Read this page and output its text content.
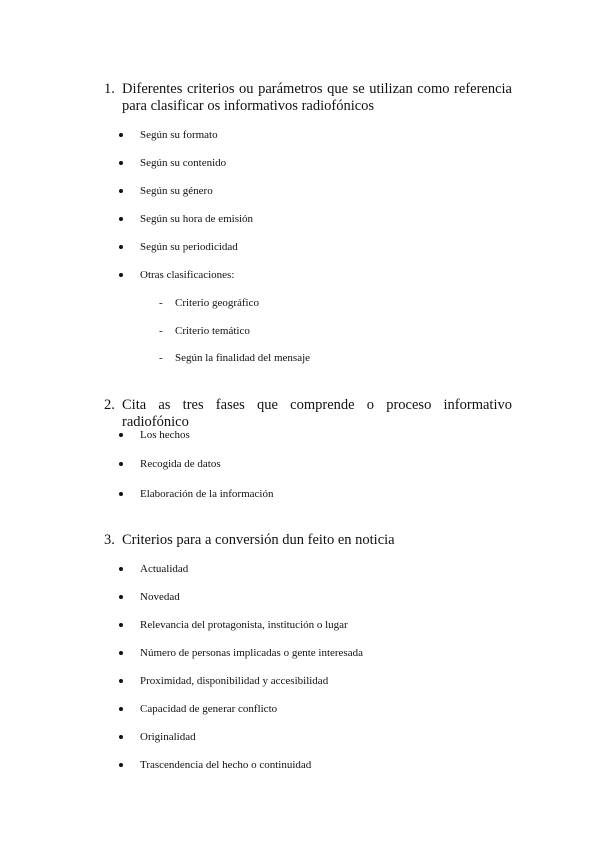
1. Diferentes criterios ou parámetros que se utilizan como referencia para clasificar os informativos radiofónicos
Según su formato
Según su contenido
Según su género
Según su hora de emisión
Según su periodicidad
Otras clasificaciones:
- Criterio geográfico
- Criterio temático
- Según la finalidad del mensaje
2. Cita as tres fases que comprende o proceso informativo radiofónico
Los hechos
Recogida de datos
Elaboración de la información
3. Criterios para a conversión dun feito en noticia
Actualidad
Novedad
Relevancia del protagonista, institución o lugar
Número de personas implicadas o gente interesada
Proximidad, disponibilidad y accesibilidad
Capacidad de generar conflicto
Originalidad
Trascendencia del hecho o continuidad
